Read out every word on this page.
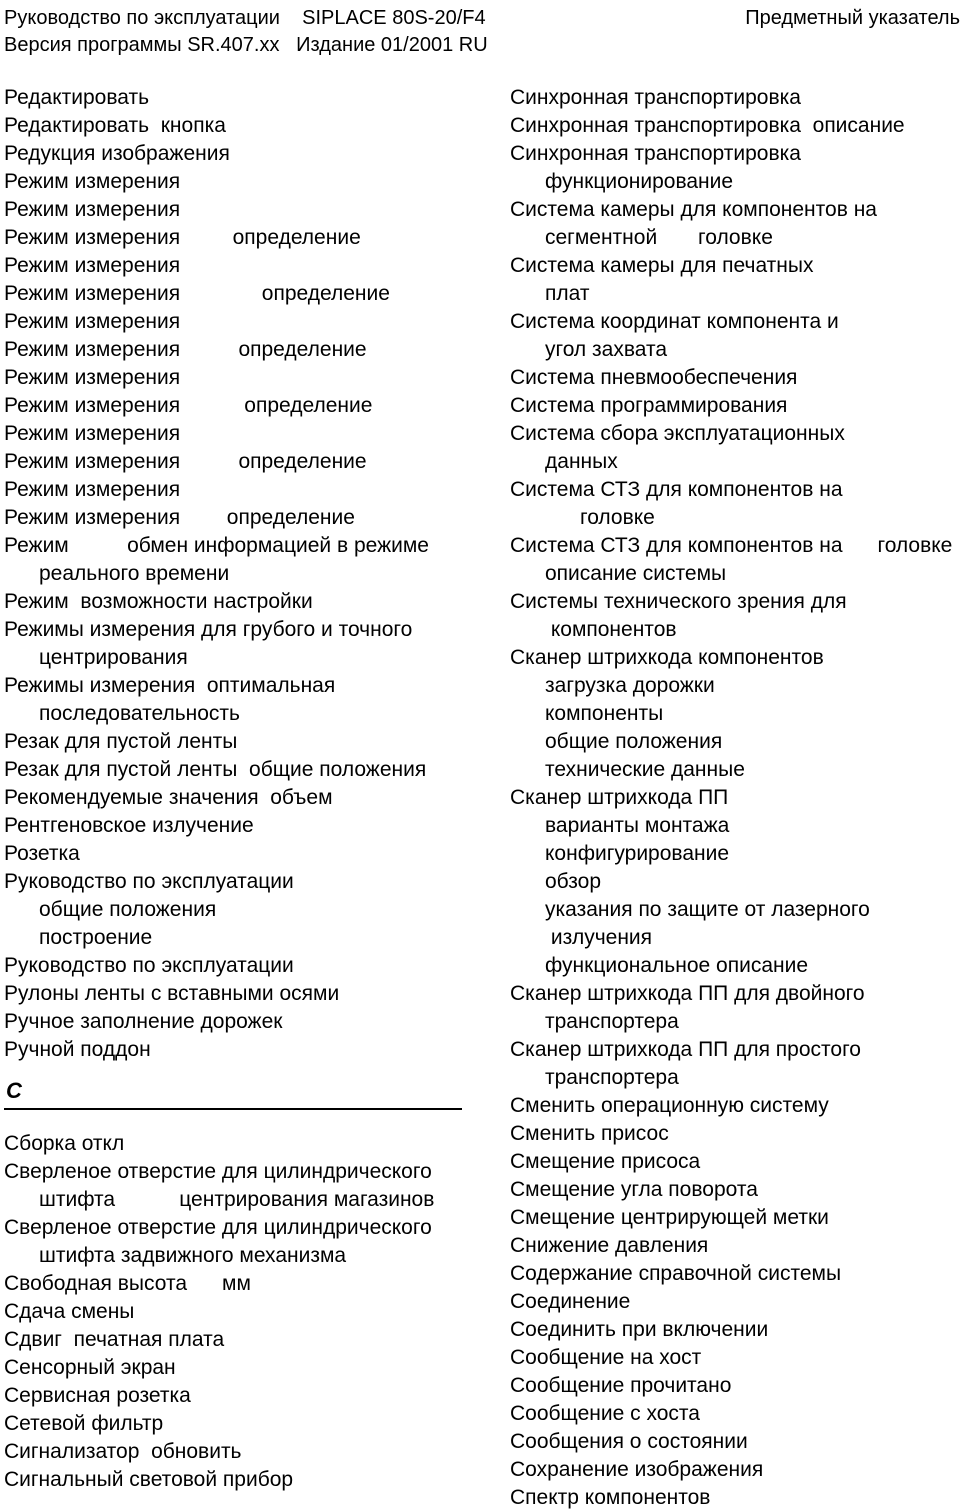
Руководство по эксплуатации    SIPLACE 80S-20/F4	Предметный указатель
Версия программы SR.407.xx   Издание 01/2001 RU
Редактировать
Редактировать  кнопка
Редукция изображения
Режим измерения
Режим измерения
Режим измерения         определение
Режим измерения
Режим измерения              определение
Режим измерения
Режим измерения          определение
Режим измерения
Режим измерения           определение
Режим измерения
Режим измерения          определение
Режим измерения
Режим измерения        определение
Режим          обмен информацией в режиме
реального времени
Режим  возможности настройки
Режимы измерения для грубого и точного
центрирования
Режимы измерения  оптимальная
последовательность
Резак для пустой ленты
Резак для пустой ленты  общие положения
Рекомендуемые значения  объем
Рентгеновское излучение
Розетка
Руководство по эксплуатации
общие положения
построение
Руководство по эксплуатации
Рулоны ленты с вставными осями
Ручное заполнение дорожек
Ручной поддон
С
Сборка откл
Сверленое отверстие для цилиндрического
штифта           центрирования магазинов
Сверленое отверстие для цилиндрического
штифта задвижного механизма
Свободная высота      мм
Сдача смены
Сдвиг  печатная плата
Сенсорный экран
Сервисная розетка
Сетевой фильтр
Сигнализатор  обновить
Сигнальный световой прибор
Синхронная транспортировка
Синхронная транспортировка  описание
Синхронная транспортировка
функционирование
Система камеры для компонентов на
сегментной       головке
Система камеры для печатных
плат
Система координат компонента и
угол захвата
Система пневмообеспечения
Система программирования
Система сбора эксплуатационных
данных
Система СТЗ для компонентов на
головке
Система СТЗ для компонентов на      головке
описание системы
Системы технического зрения для
компонентов
Сканер штрихкода компонентов
загрузка дорожки
компоненты
общие положения
технические данные
Сканер штрихкода ПП
варианты монтажа
конфигурирование
обзор
указания по защите от лазерного
излучения
функциональное описание
Сканер штрихкода ПП для двойного
транспортера
Сканер штрихкода ПП для простого
транспортера
Сменить операционную систему
Сменить присос
Смещение присоса
Смещение угла поворота
Смещение центрирующей метки
Снижение давления
Содержание справочной системы
Соединение
Соединить при включении
Сообщение на хост
Сообщение прочитано
Сообщение с хоста
Сообщения о состоянии
Сохранение изображения
Спектр компонентов
